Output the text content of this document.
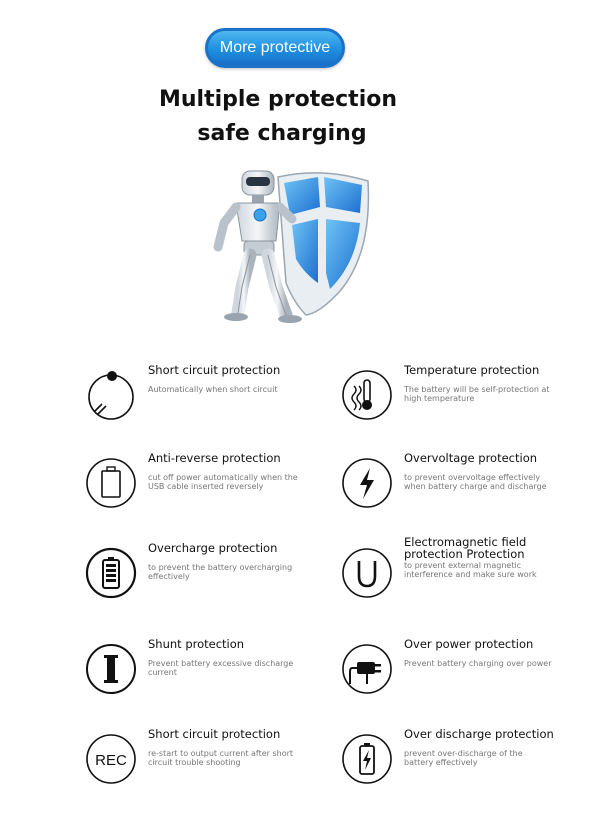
More protective
Multiple protection
safe charging
Short circuit protection
Automatically when short circuit
Temperature protection
The battery will be self-protection at high temperature
Anti-reverse protection
cut off power automatically when the USB cable inserted reversely
Overvoltage protection
to prevent overvoltage effectively when battery charge and discharge
Overcharge protection
to prevent the battery overcharging effectively
Electromagnetic field protection Protection
to prevent external magnetic interference and make sure work
Shunt protection
Prevent battery excessive discharge current
Over power protection
Prevent battery charging over power
REC
Short circuit protection
re-start to output current after short circuit trouble shooting
Over discharge protection
prevent over-discharge of the battery effectively
